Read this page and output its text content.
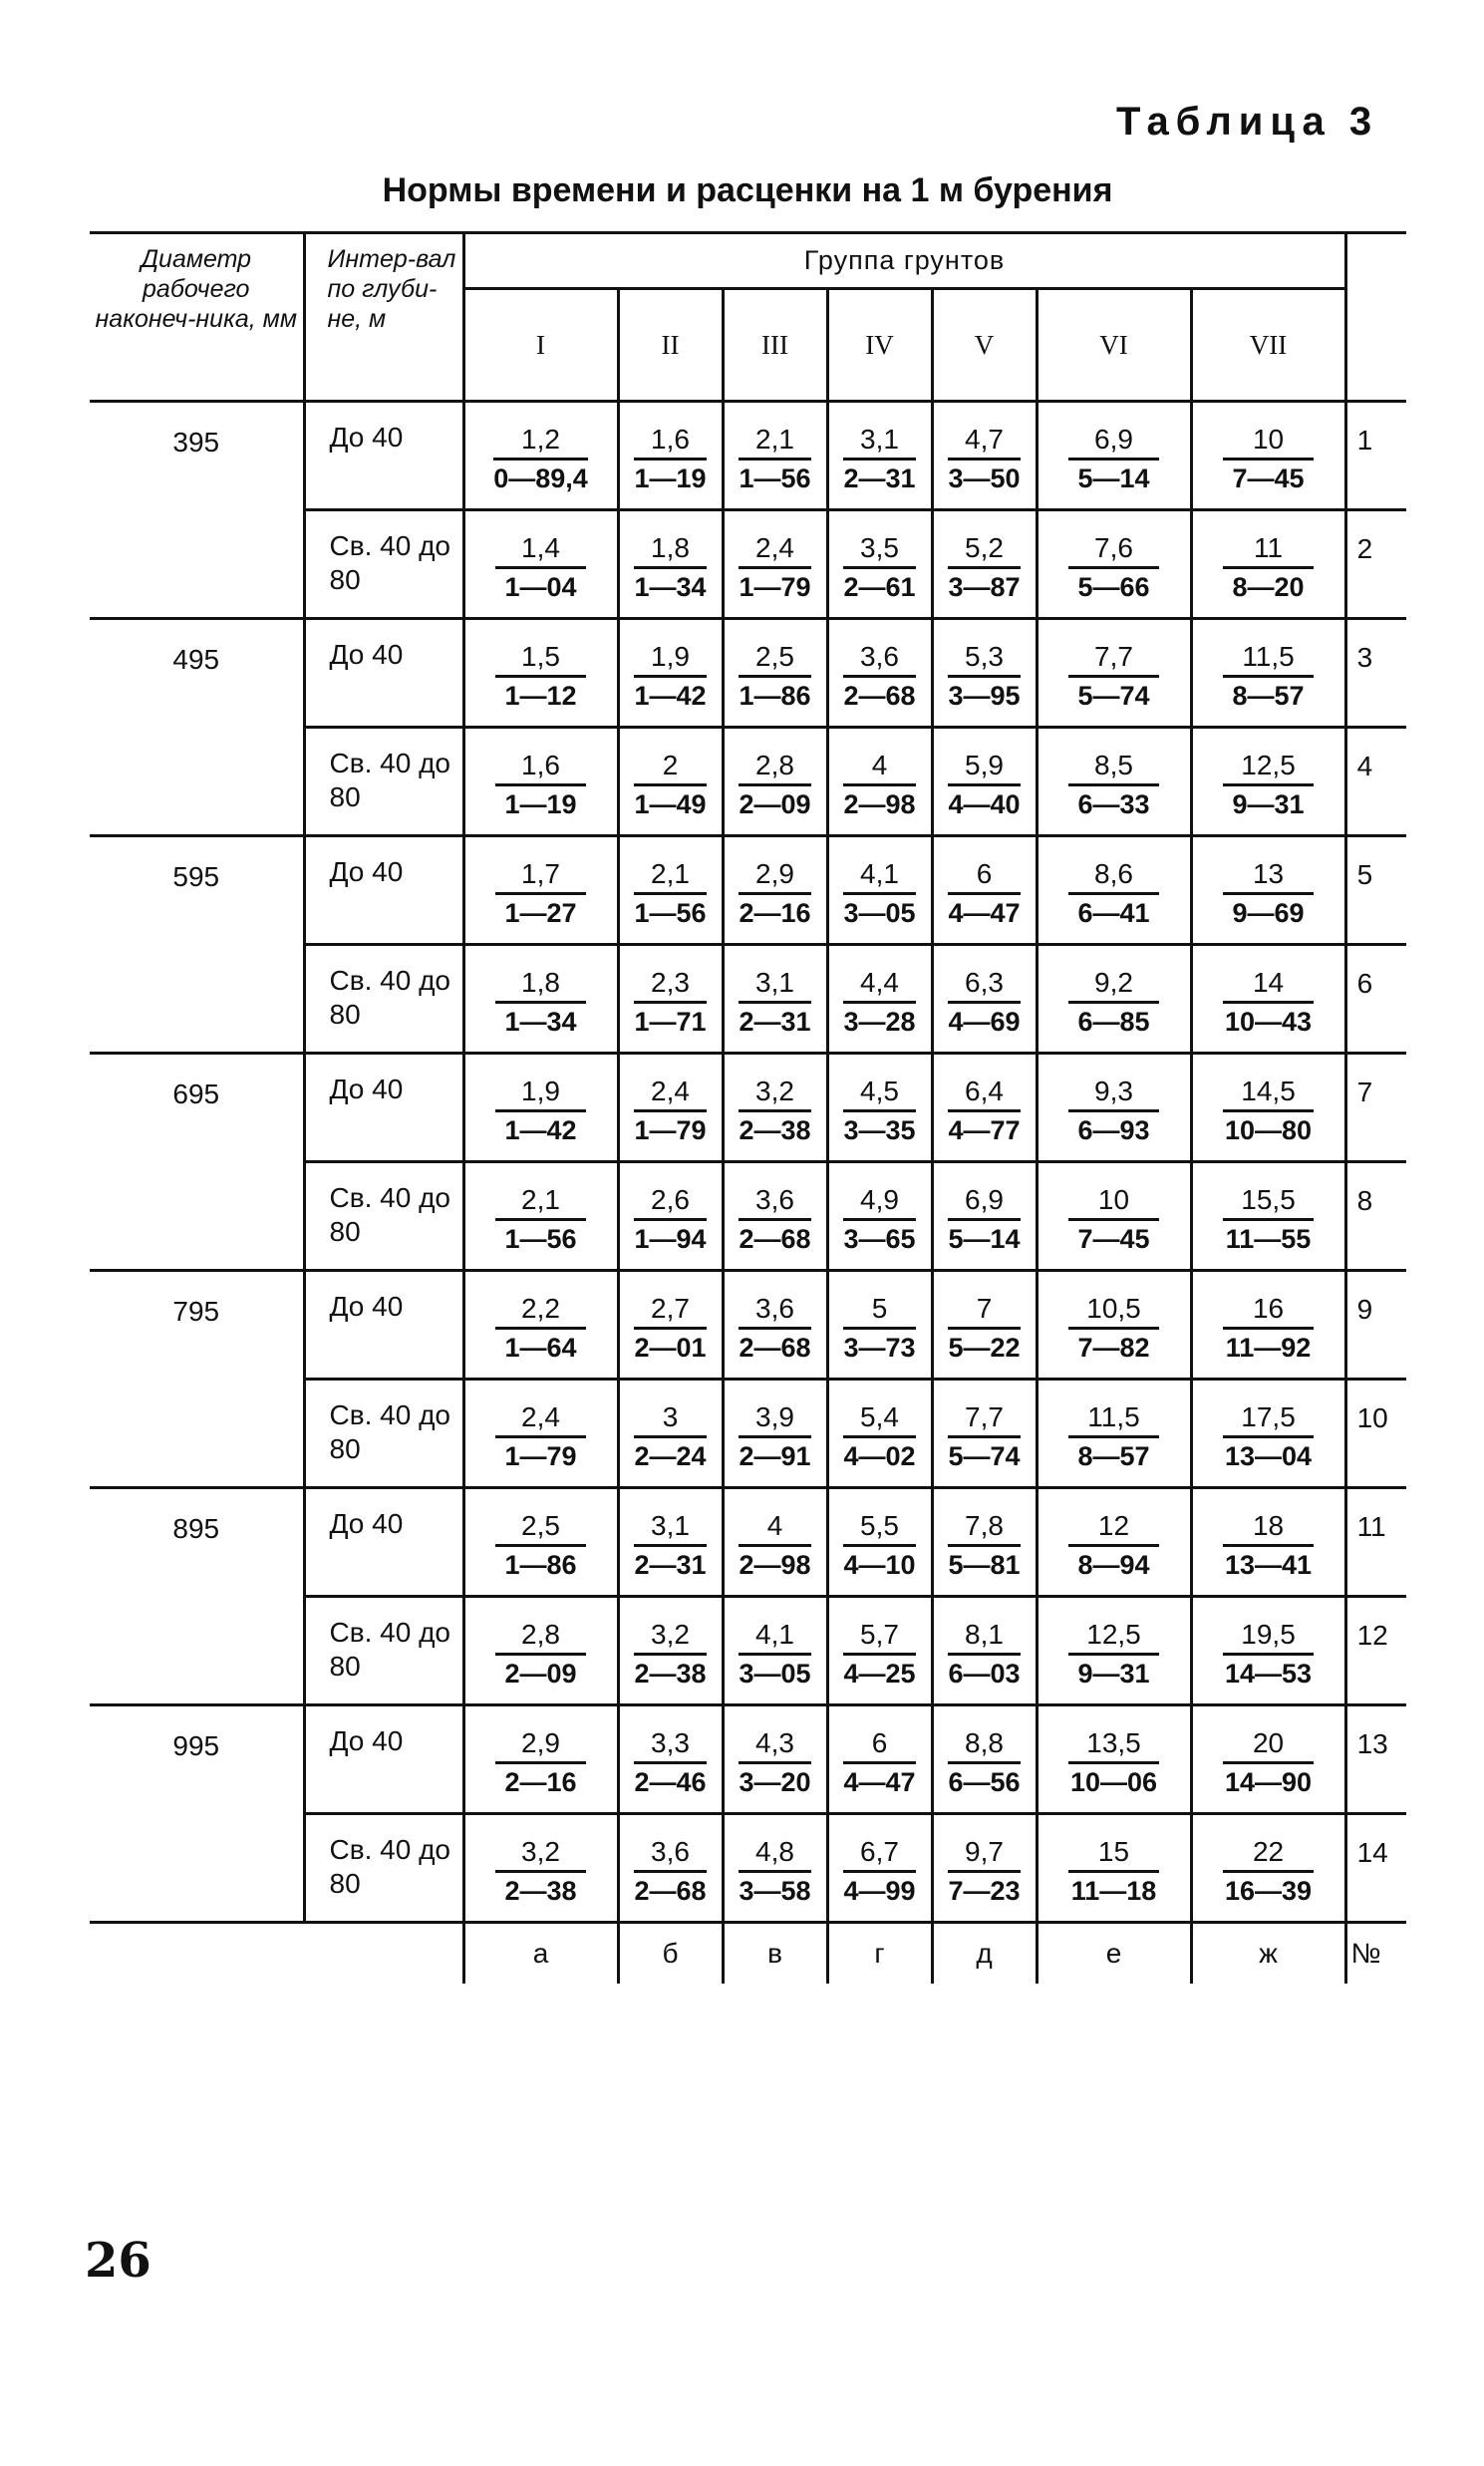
Таблица 3
Нормы времени и расценки на 1 м бурения
Диаметр рабочего наконеч-ника, мм	Интер-вал по глуби-не, м	Группа грунтов							
		I	II	III	IV	V	VI	VII	
395	До 40	$\frac{1,2}{0—89,4}$	$\frac{1,6}{1—19}$	$\frac{2,1}{1—56}$	$\frac{3,1}{2—31}$	$\frac{4,7}{3—50}$	$\frac{6,9}{5—14}$	$\frac{10}{7—45}$	1
	Св. 40 до 80	$\frac{1,4}{1—04}$	$\frac{1,8}{1—34}$	$\frac{2,4}{1—79}$	$\frac{3,5}{2—61}$	$\frac{5,2}{3—87}$	$\frac{7,6}{5—66}$	$\frac{11}{8—20}$	2
495	До 40	$\frac{1,5}{1—12}$	$\frac{1,9}{1—42}$	$\frac{2,5}{1—86}$	$\frac{3,6}{2—68}$	$\frac{5,3}{3—95}$	$\frac{7,7}{5—74}$	$\frac{11,5}{8—57}$	3
	Св. 40 до 80	$\frac{1,6}{1—19}$	$\frac{2}{1—49}$	$\frac{2,8}{2—09}$	$\frac{4}{2—98}$	$\frac{5,9}{4—40}$	$\frac{8,5}{6—33}$	$\frac{12,5}{9—31}$	4
595	До 40	$\frac{1,7}{1—27}$	$\frac{2,1}{1—56}$	$\frac{2,9}{2—16}$	$\frac{4,1}{3—05}$	$\frac{6}{4—47}$	$\frac{8,6}{6—41}$	$\frac{13}{9—69}$	5
	Св. 40 до 80	$\frac{1,8}{1—34}$	$\frac{2,3}{1—71}$	$\frac{3,1}{2—31}$	$\frac{4,4}{3—28}$	$\frac{6,3}{4—69}$	$\frac{9,2}{6—85}$	$\frac{14}{10—43}$	6
695	До 40	$\frac{1,9}{1—42}$	$\frac{2,4}{1—79}$	$\frac{3,2}{2—38}$	$\frac{4,5}{3—35}$	$\frac{6,4}{4—77}$	$\frac{9,3}{6—93}$	$\frac{14,5}{10—80}$	7
	Св. 40 до 80	$\frac{2,1}{1—56}$	$\frac{2,6}{1—94}$	$\frac{3,6}{2—68}$	$\frac{4,9}{3—65}$	$\frac{6,9}{5—14}$	$\frac{10}{7—45}$	$\frac{15,5}{11—55}$	8
795	До 40	$\frac{2,2}{1—64}$	$\frac{2,7}{2—01}$	$\frac{3,6}{2—68}$	$\frac{5}{3—73}$	$\frac{7}{5—22}$	$\frac{10,5}{7—82}$	$\frac{16}{11—92}$	9
	Св. 40 до 80	$\frac{2,4}{1—79}$	$\frac{3}{2—24}$	$\frac{3,9}{2—91}$	$\frac{5,4}{4—02}$	$\frac{7,7}{5—74}$	$\frac{11,5}{8—57}$	$\frac{17,5}{13—04}$	10
895	До 40	$\frac{2,5}{1—86}$	$\frac{3,1}{2—31}$	$\frac{4}{2—98}$	$\frac{5,5}{4—10}$	$\frac{7,8}{5—81}$	$\frac{12}{8—94}$	$\frac{18}{13—41}$	11
	Св. 40 до 80	$\frac{2,8}{2—09}$	$\frac{3,2}{2—38}$	$\frac{4,1}{3—05}$	$\frac{5,7}{4—25}$	$\frac{8,1}{6—03}$	$\frac{12,5}{9—31}$	$\frac{19,5}{14—53}$	12
995	До 40	$\frac{2,9}{2—16}$	$\frac{3,3}{2—46}$	$\frac{4,3}{3—20}$	$\frac{6}{4—47}$	$\frac{8,8}{6—56}$	$\frac{13,5}{10—06}$	$\frac{20}{14—90}$	13
	Св. 40 до 80	$\frac{3,2}{2—38}$	$\frac{3,6}{2—68}$	$\frac{4,8}{3—58}$	$\frac{6,7}{4—99}$	$\frac{9,7}{7—23}$	$\frac{15}{11—18}$	$\frac{22}{16—39}$	14
		а	б	в	г	д	е	ж	№
26
